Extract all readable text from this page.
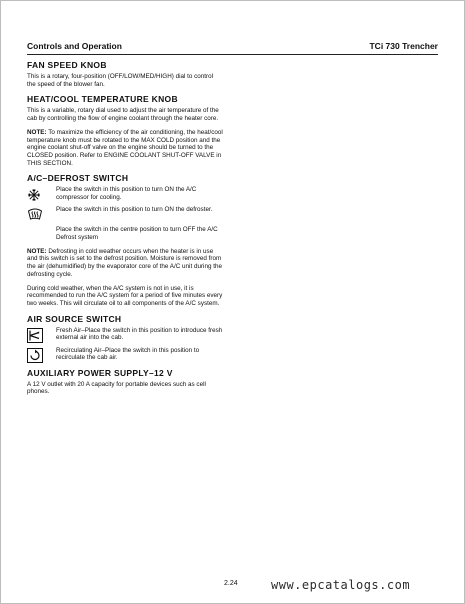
Controls and Operation	TCi 730 Trencher
FAN SPEED KNOB

This is a rotary, four-position (OFF/LOW/MED/HIGH) dial to control the speed of the blower fan.

HEAT/COOL TEMPERATURE KNOB

This is a variable, rotary dial used to adjust the air temperature of the cab by controlling the flow of engine coolant through the heater core.

NOTE: To maximize the efficiency of the air conditioning, the heat/cool temperature knob must be rotated to the MAX COLD position and the engine coolant shut-off valve on the engine should be turned to the CLOSED position. Refer to ENGINE COOLANT SHUT-OFF VALVE in THIS SECTION.

A/C–DEFROST SWITCH

Place the switch in this position to turn ON the A/C compressor for cooling.

Place the switch in this position to turn ON the defroster.

Place the switch in the centre position to turn OFF the A/C Defrost system

NOTE: Defrosting in cold weather occurs when the heater is in use and this switch is set to the defrost position. Moisture is removed from the air (dehumidified) by the evaporator core of the A/C unit during the defrosting cycle.

During cold weather, when the A/C system is not in use, it is recommended to run the A/C system for a period of five minutes every two weeks. This will circulate oil to all components of the A/C system.

AIR SOURCE SWITCH

Fresh Air–Place the switch in this position to introduce fresh external air into the cab.

Recirculating Air–Place the switch in this position to recirculate the cab air.

AUXILIARY POWER SUPPLY–12 V

A 12 V outlet with 20 A capacity for portable devices such as cell phones.

2.24	www.epcatalogs.com
